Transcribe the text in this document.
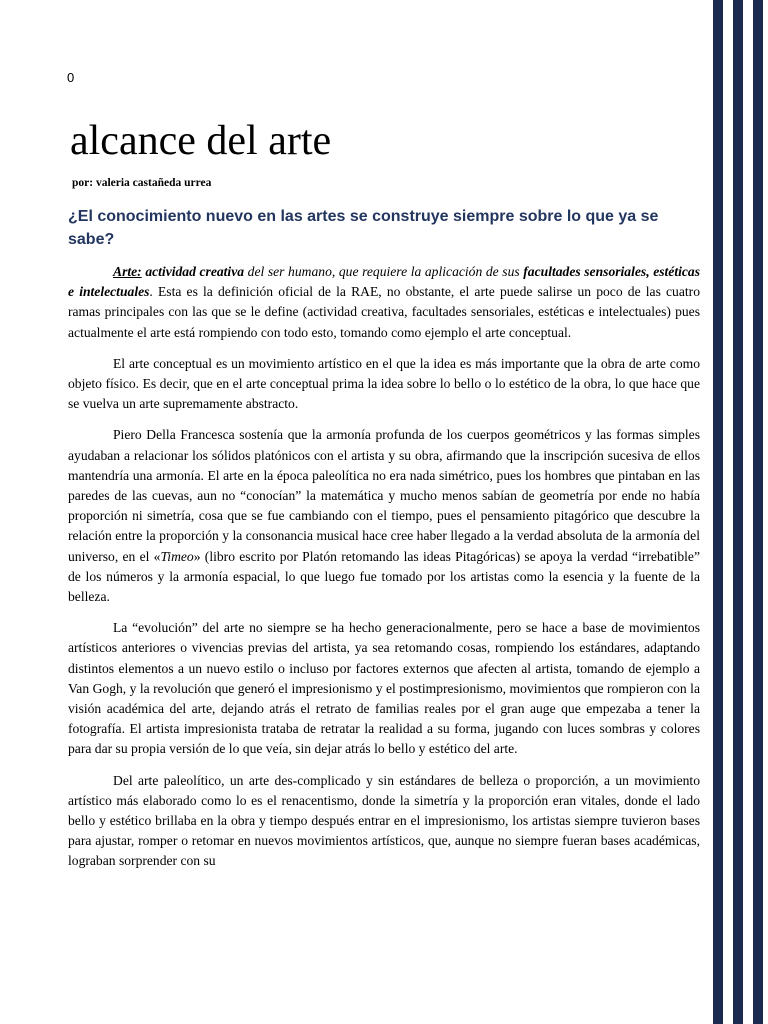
0
alcance del arte
por: valeria castañeda urrea
¿El conocimiento nuevo en las artes se construye siempre sobre lo que ya se sabe?

Arte: actividad creativa del ser humano, que requiere la aplicación de sus facultades sensoriales, estéticas e intelectuales. Esta es la definición oficial de la RAE, no obstante, el arte puede salirse un poco de las cuatro ramas principales con las que se le define (actividad creativa, facultades sensoriales, estéticas e intelectuales) pues actualmente el arte está rompiendo con todo esto, tomando como ejemplo el arte conceptual.

El arte conceptual es un movimiento artístico en el que la idea es más importante que la obra de arte como objeto físico. Es decir, que en el arte conceptual prima la idea sobre lo bello o lo estético de la obra, lo que hace que se vuelva un arte supremamente abstracto.

Piero Della Francesca sostenía que la armonía profunda de los cuerpos geométricos y las formas simples ayudaban a relacionar los sólidos platónicos con el artista y su obra, afirmando que la inscripción sucesiva de ellos mantendría una armonía. El arte en la época paleolítica no era nada simétrico, pues los hombres que pintaban en las paredes de las cuevas, aun no “conocían” la matemática y mucho menos sabían de geometría por ende no había proporción ni simetría, cosa que se fue cambiando con el tiempo, pues el pensamiento pitagórico que descubre la relación entre la proporción y la consonancia musical hace cree haber llegado a la verdad absoluta de la armonía del universo, en el «Timeo» (libro escrito por Platón retomando las ideas Pitagóricas) se apoya la verdad “irrebatible” de los números y la armonía espacial, lo que luego fue tomado por los artistas como la esencia y la fuente de la belleza.

La “evolución” del arte no siempre se ha hecho generacionalmente, pero se hace a base de movimientos artísticos anteriores o vivencias previas del artista, ya sea retomando cosas, rompiendo los estándares, adaptando distintos elementos a un nuevo estilo o incluso por factores externos que afecten al artista, tomando de ejemplo a Van Gogh, y la revolución que generó el impresionismo y el postimpresionismo, movimientos que rompieron con la visión académica del arte, dejando atrás el retrato de familias reales por el gran auge que empezaba a tener la fotografía. El artista impresionista trataba de retratar la realidad a su forma, jugando con luces sombras y colores para dar su propia versión de lo que veía, sin dejar atrás lo bello y estético del arte.

Del arte paleolítico, un arte des-complicado y sin estándares de belleza o proporción, a un movimiento artístico más elaborado como lo es el renacentismo, donde la simetría y la proporción eran vitales, donde el lado bello y estético brillaba en la obra y tiempo después entrar en el impresionismo, los artistas siempre tuvieron bases para ajustar, romper o retomar en nuevos movimientos artísticos, que, aunque no siempre fueran bases académicas, lograban sorprender con su
